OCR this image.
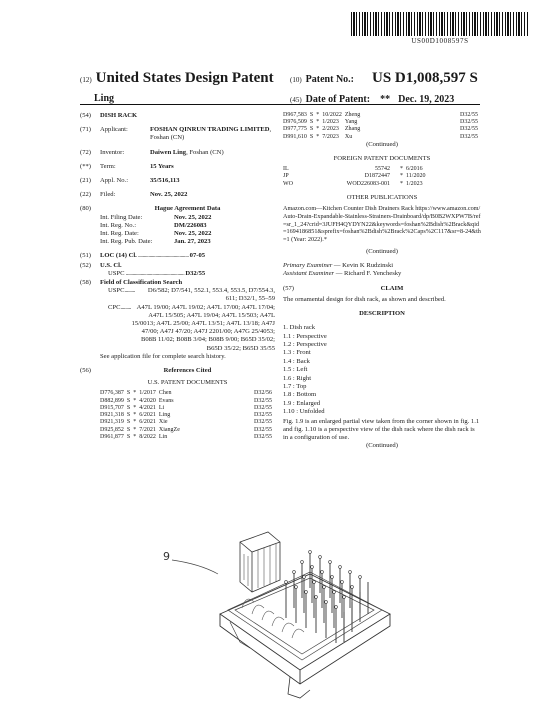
US00D1008597S
(12) United States Design Patent
Ling
(10) Patent No.: US D1,008,597 S
(45) Date of Patent: ** Dec. 19, 2023
(54)	DISH RACK
(71)	Applicant:	FOSHAN QINRUN TRADING LIMITED, Foshan (CN)
(72)	Inventor:	Daiwen Ling, Foshan (CN)
(**)	Term:	15 Years
(21)	Appl. No.:	35/516,113
(22)	Filed:	Nov. 25, 2022
(80)	Hague Agreement Data
Int. Filing Date:	Nov. 25, 2022
Int. Reg. No.:	DM/226083
Int. Reg. Date:	Nov. 25, 2022
Int. Reg. Pub. Date:	Jan. 27, 2023
(51)	LOC (14) Cl. ............................................ 07-05
(52)	U.S. Cl.
USPC ................................................... D32/55
(58)	Field of Classification Search
USPC .........	D6/582; D7/541, 552.1, 553.4, 553.5, D7/554.3, 611; D32/1, 55–59
CPC ......... A47L 19/00; A47L 19/02; A47L 17/00; A47L 17/04; A47L 15/505; A47L 19/04; A47L 15/503; A47L 15/0013; A47L 25/00; A47L 13/51; A47L 13/18; A47J 47/00; A47J 47/20; A47J 2201/00; A47G 25/4053; B08B 11/02; B08B 3/04; B08B 9/00; B65D 35/02; B65D 35/22; B65D 35/55
See application file for complete search history.
(56)	References Cited
U.S. PATENT DOCUMENTS
D776,387	S	*	1/2017	Chen	D32/56
D882,899	S	*	4/2020	Evans	D32/55
D915,707	S	*	4/2021	Li	D32/55
D921,318	S	*	6/2021	Ling	D32/55
D921,319	S	*	6/2021	Xie	D32/55
D925,852	S	*	7/2021	XiangZe	D32/55
D961,877	S	*	8/2022	Lin	D32/55
D967,583	S	*	10/2022	Zheng	D32/55
D976,509	S	*	1/2023	Yang	D32/55
D977,775	S	*	2/2023	Zhang	D32/55
D991,610	S	*	7/2023	Xu	D32/55
(Continued)
FOREIGN PATENT DOCUMENTS
IL	55742	*	6/2016
JP	D1872447	*	11/2020
WO	WOD226083-001	*	1/2023
OTHER PUBLICATIONS
Amazon.com—Kitchen Counter Dish Drainers Rack https://www.amazon.com/Auto-Drain-Expandable-Stainless-Strainers-Drainboard/dp/B0B2WXPW7B/ref=sr_1_24?crid=3JUFH4QYDYN22&keywords=foshan%2Bdish%2Brack&qid=1694186851&sprefix=foshan%2Bdish%2Brack%2Caps%2C117&sr=8-24&th=1 (Year: 2022).*
(Continued)
Primary Examiner — Kevin K Rudzinski
Assistant Examiner — Richard F. Yenchesky
(57)	CLAIM
The ornamental design for dish rack, as shown and described.
DESCRIPTION
1. Dish rack
1.1 : Perspective
1.2 : Perspective
1.3 : Front
1.4 : Back
1.5 : Left
1.6 : Right
1.7 : Top
1.8 : Bottom
1.9 : Enlarged
1.10 : Unfolded
Fig. 1.9 is an enlarged partial view taken from the corner shown in fig. 1.1 and fig. 1.10 is a perspective view of the dish rack where the dish rack is in a configuration of use.
(Continued)
9
